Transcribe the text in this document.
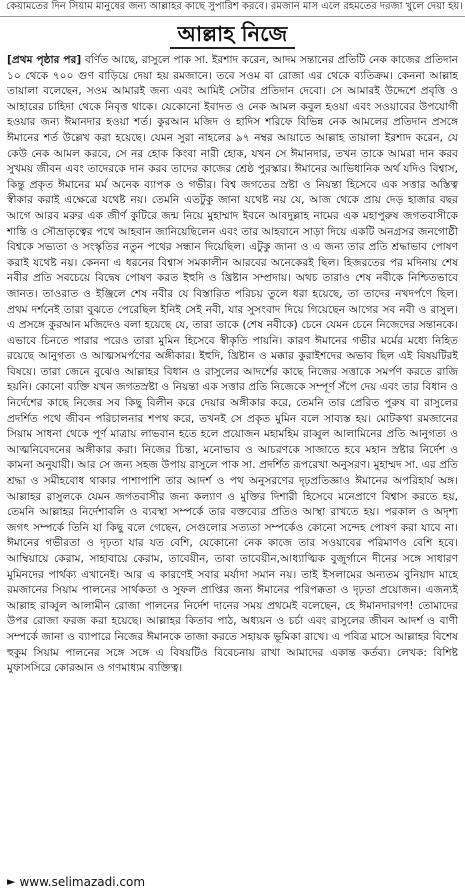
কেয়ামতের দিন সিয়াম মানুষের জন্য আল্লাহর কাছে সুপারিশ করবে। রমজান মাস এলে রহমতের দরজা খুলে দেয়া হয়।
আল্লাহ নিজে

[প্রথম পৃষ্ঠার পর] বর্ণিত আছে, রাসুলে পাক সা. ইরশাদ করেন, আদম সন্তানের প্রতিটি নেক কাজের প্রতিদান ১০ থেকে ৭০০ গুণ বাড়িয়ে দেয়া হয় রমজানে। তবে সওম বা রোজা এর থেকে ব্যতিক্রম। কেননা আল্লাহ তায়ালা বলেছেন, সওম আমারই জন্য এবং আমিই সেটার প্রতিদান দেবো। সে আমারই উদ্দেশে প্রবৃত্তি ও আহারের চাহিদা থেকে নিবৃত্ত থাকে। যেকোনো ইবাদত ও নেক আমল কবুল হওয়া এবং সওয়াবের উপযোগী হওয়ার জন্য ঈমানদার হওয়া শর্ত। কুরআন মজিদ ও হাদিস শরিফে বিভিন্ন নেক আমলের প্রতিদান প্রসঙ্গে ঈমানের শর্ত উল্লেখ করা হয়েছে। যেমন সুরা নাহলের ৯৭ নম্বর আয়াতে আল্লাহ তায়ালা ইরশাদ করেন, যে কেউ নেক আমল করবে, সে নর হোক কিংবা নারী হোক, যখন সে ঈমানদার, তখন তাকে আমরা দান করব সুখময় জীবন এবং তাদেরকে দান করব তাদের কাজের শ্রেষ্ঠ পুরস্কার। ঈমানের আভিধানিক অর্থ যদিও বিশ্বাস, কিন্তু প্রকৃত ঈমানের মর্ম অনেক ব্যাপক ও গভীর। বিশ্ব জগতের স্রষ্টা ও নিয়ন্তা হিসেবে এক সত্তার অস্তিত্ব স্বীকার করাই এক্ষেত্রে যথেষ্ট নয়। তেমনি এতটুকু জানা যথেষ্ট নয় যে, আজ থেকে প্রায় দেড় হাজার বছর আগে আরব মরুর এক জীর্ণ কুটিরে জন্ম নিয়ে মুহাম্মাদ ইবনে আবদুল্লাহ নামের এক মহাপুরুষ জগতবাসীকে শান্তি ও সৌভ্রাতৃত্বের পথে আহবান জানিয়েছিলেন এবং তার আহবানে সাড়া দিয়ে একটি অনগ্রসর জনগোষ্ঠী বিশ্বকে সভ্যতা ও সংস্কৃতির নতুন পথের সন্ধান দিয়েছিল। এটুকু জানা ও এ জন্য তার প্রতি শ্রদ্ধাভাব পোষণ করাই যথেষ্ট নয়। কেননা এ ধরনের বিশ্বাস সমকালীন আরবের অনেকেরই ছিল। হিজরতের পর মদিনায় শেষ নবীর প্রতি সবচেয়ে বিদ্বেষ পোষণ করত ইহুদি ও খ্রিষ্টান সম্প্রদায়। অথচ তারাও শেষ নবীকে নিশ্চিতভাবে জানত। তাওরাত ও ইঞ্জিলে শেষ নবীর যে বিস্তারিত পরিচয় তুলে ধরা হয়েছে, তা তাদের নখদর্পণে ছিল। প্রথম দর্শনেই তারা বুঝতে পেরেছিল ইনিই সেই নবী, যার সুসংবাদ দিয়ে গিয়েছেন আগের সব নবী ও রাসুল। এ প্রসঙ্গে কুরআন মজিদেও বলা হয়েছে যে, তারা তাকে (শেষ নবীকে) চেনে যেমন চেনে নিজেদের সন্তানকে। এভাবে চিনতে পারার পরেও তারা মুমিন হিসেবে স্বীকৃতি পায়নি। কারণ ঈমানের গভীর মর্মের মধ্যে নিহিত রয়েছে আনুগত্য ও আত্মসমর্পণের অঙ্গীকার। ইহুদি, খ্রিষ্টান ও মক্কার কুরাইশদের অভাব ছিল এই বিষয়টিরই বিষয়ে। তারা জেনে বুঝেও আল্লাহর বিধান ও রাসুলের আদর্শের কাছে নিজের সত্তাকে সমর্পণ করতে রাজি হয়নি। কোনো ব্যক্তি যখন জগতস্রষ্টা ও নিয়ন্তা এক সত্তার প্রতি নিজেকে সম্পূর্ণ সঁপে দেয় এবং তার বিধান ও নির্দেশের কাছে নিজের সব কিছু বিলীন করে দেয়ার অঙ্গীকার করে, তেমনি তার প্রেরিত পুরুষ বা রাসুলের প্রদর্শিত পথে জীবন পরিচালনার শপথ করে, তখনই সে প্রকৃত মুমিন বলে সাব্যস্ত হয়। মোটকথা রমজানের সিয়াম সাধনা থেকে পূর্ণ মাত্রায় লাভবান হতে হলে প্রয়োজন মহামহিম রাব্বুল আলামিনের প্রতি আনুগত্য ও আত্মনিবেদনের অঙ্গীকার করা। নিজের চিন্তা, মনোভাব ও আচরণকে সাজাতে হবে মহান স্রষ্টার নির্দেশ ও কামনা অনুযায়ী। আর সে জন্য সহজ উপায় রাসুলে পাক সা. প্রদর্শিত রূপরেখা অনুসরণ। মুহাম্মদ সা. এর প্রতি শ্রদ্ধা ও সমীহবোধ থাকার পাশাপাশি তার আদর্শ ও পথ অনুসরণের দৃঢ়প্রতিজ্ঞাও ঈমানের অপরিহার্য অঙ্গ। আল্লাহর রাসুলকে যেমন জগতবাসীর জন্য কল্যাণ ও মুক্তির দিশারী হিসেবে মনেপ্রাণে বিশ্বাস করতে হয়, তেমনি আল্লাহর নির্দেশাবলি ও ব্যবস্থা সম্পর্কে তার বক্তব্যের প্রতিও আস্থা রাখতে হয়। পরকাল ও অদৃশ্য জগৎ সম্পর্কে তিনি যা কিছু বলে গেছেন, সেগুলোর সত্যতা সম্পর্কেও কোনো সন্দেহ পোষণ করা যাবে না। ঈমানের গভীরতা ও দৃঢ়তা যার যত বেশি, যেকোনো নেক কাজে তার সওয়াবের পরিমাণও বেশি হবে। আম্বিয়ায়ে কেরাম, সাহাবায়ে কেরাম, তাবেয়ীন, তাবা তাবেয়ীন,আধ্যাত্মিক বুজুর্গানে দীনের সঙ্গে সাধারণ মুমিনদের পার্থক্য এখানেই। আর এ কারণেই সবার মর্যাদা সমান নয়। তাই ইসলামের অন্যতম বুনিয়াদ মাহে রমজানের সিয়াম পালনের সার্থকতা ও সুফল প্রাপ্তির জন্য ঈমানের পরিপক্কতা ও দৃঢ়তা প্রয়োজন। এজন্যই আল্লাহ রাব্বুল আলামীন রোজা পালনের নির্দেশ দানের সময় প্রথমেই বলেছেন, হে ঈমানদারগণ! তোমাদের উপর রোজা ফরজ করা হয়েছে। আল্লাহর কিতাব পাঠ, অধ্যয়ন ও চর্চা এবং রাসুলের জীবন আদর্শ ও বাণী সম্পর্কে জানা ও ব্যাপারে নিজের ঈমানকে তাজা করতে সহায়ক ভূমিকা রাখে। এ পবিত্র মাসে আল্লাহর বিশেষ হুকুম সিয়াম পালনের সঙ্গে সঙ্গে এ বিষয়টিও বিবেচনায় রাখা আমাদের একান্ত কর্তব্য। লেখক: বিশিষ্ট মুফাসসিরে কোরআন ও গণমাধ্যম ব্যক্তিত্ব।

► www.selimazadi.com
